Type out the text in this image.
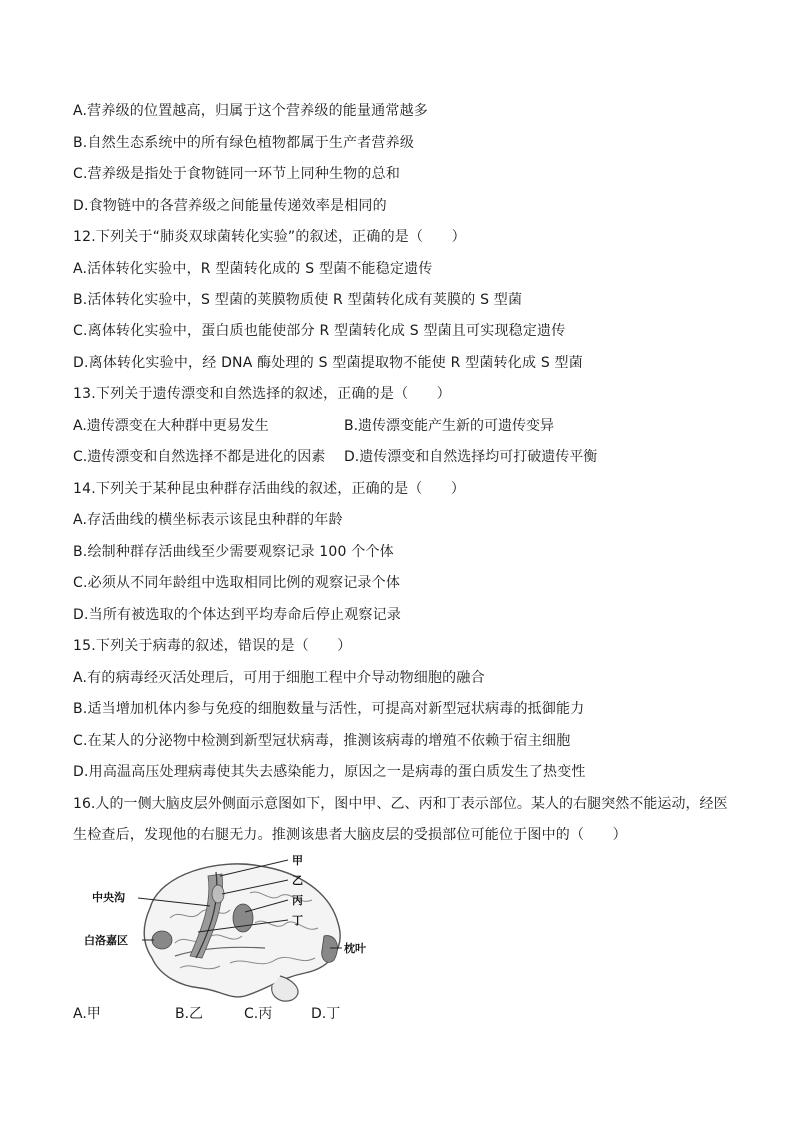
A.营养级的位置越高，归属于这个营养级的能量通常越多
B.自然生态系统中的所有绿色植物都属于生产者营养级
C.营养级是指处于食物链同一环节上同种生物的总和
D.食物链中的各营养级之间能量传递效率是相同的
12.下列关于“肺炎双球菌转化实验”的叙述，正确的是（　　）
A.活体转化实验中，R 型菌转化成的 S 型菌不能稳定遗传
B.活体转化实验中，S 型菌的荚膜物质使 R 型菌转化成有荚膜的 S 型菌
C.离体转化实验中，蛋白质也能使部分 R 型菌转化成 S 型菌且可实现稳定遗传
D.离体转化实验中，经 DNA 酶处理的 S 型菌提取物不能使 R 型菌转化成 S 型菌
13.下列关于遗传漂变和自然选择的叙述，正确的是（　　）
A.遗传漂变在大种群中更易发生	B.遗传漂变能产生新的可遗传变异
C.遗传漂变和自然选择不都是进化的因素 D.遗传漂变和自然选择均可打破遗传平衡
14.下列关于某种昆虫种群存活曲线的叙述，正确的是（　　）
A.存活曲线的横坐标表示该昆虫种群的年龄
B.绘制种群存活曲线至少需要观察记录 100 个个体
C.必须从不同年龄组中选取相同比例的观察记录个体
D.当所有被选取的个体达到平均寿命后停止观察记录
15.下列关于病毒的叙述，错误的是（　　）
A.有的病毒经灭活处理后，可用于细胞工程中介导动物细胞的融合
B.适当增加机体内参与免疫的细胞数量与活性，可提高对新型冠状病毒的抵御能力
C.在某人的分泌物中检测到新型冠状病毒，推测该病毒的增殖不依赖于宿主细胞
D.用高温高压处理病毒使其失去感染能力，原因之一是病毒的蛋白质发生了热变性
16.人的一侧大脑皮层外侧面示意图如下，图中甲、乙、丙和丁表示部位。某人的右腿突然不能运动，经医
生检查后，发现他的右腿无力。推测该患者大脑皮层的受损部位可能位于图中的（　　）
甲
乙
丙
丁
中央沟
白洛嘉区
枕叶
A.甲	B.乙	C.丙	D.丁
